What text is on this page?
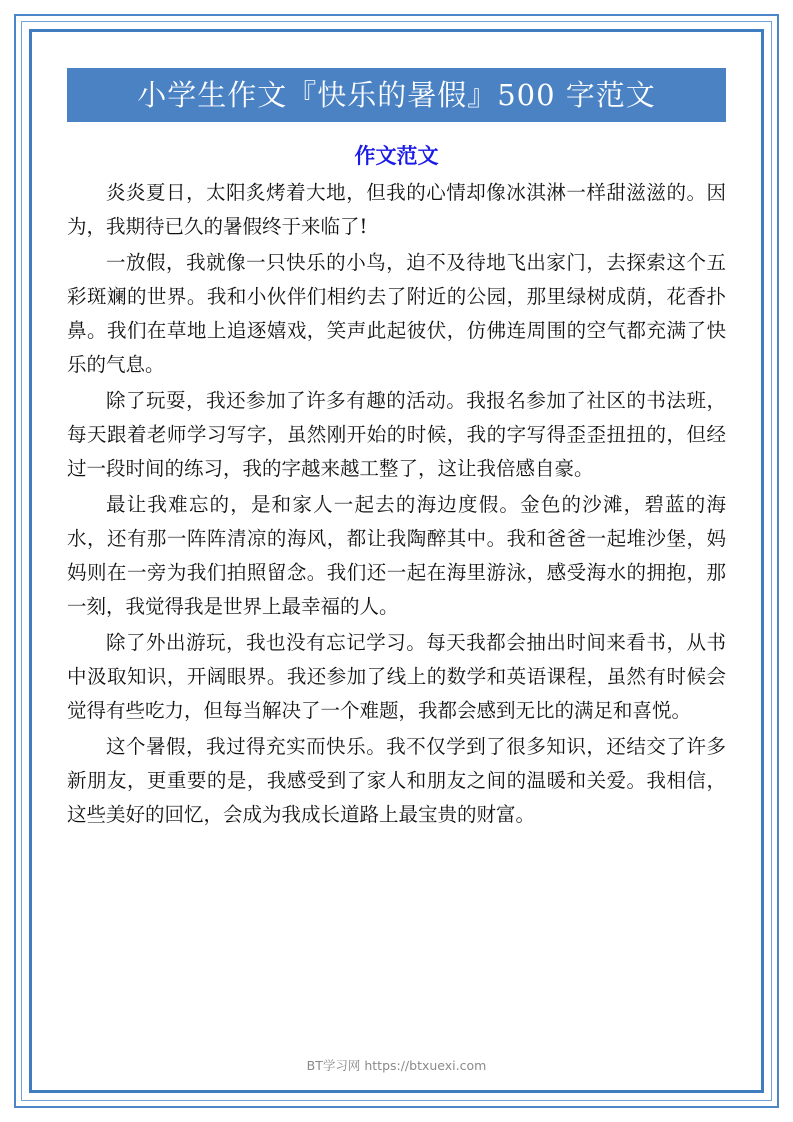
小学生作文『快乐的暑假』500 字范文
作文范文

炎炎夏日，太阳炙烤着大地，但我的心情却像冰淇淋一样甜滋滋的。因为，我期待已久的暑假终于来临了!

一放假，我就像一只快乐的小鸟，迫不及待地飞出家门，去探索这个五彩斑斓的世界。我和小伙伴们相约去了附近的公园，那里绿树成荫，花香扑鼻。我们在草地上追逐嬉戏，笑声此起彼伏，仿佛连周围的空气都充满了快乐的气息。

除了玩耍，我还参加了许多有趣的活动。我报名参加了社区的书法班，每天跟着老师学习写字，虽然刚开始的时候，我的字写得歪歪扭扭的，但经过一段时间的练习，我的字越来越工整了，这让我倍感自豪。

最让我难忘的，是和家人一起去的海边度假。金色的沙滩，碧蓝的海水，还有那一阵阵清凉的海风，都让我陶醉其中。我和爸爸一起堆沙堡，妈妈则在一旁为我们拍照留念。我们还一起在海里游泳，感受海水的拥抱，那一刻，我觉得我是世界上最幸福的人。

除了外出游玩，我也没有忘记学习。每天我都会抽出时间来看书，从书中汲取知识，开阔眼界。我还参加了线上的数学和英语课程，虽然有时候会觉得有些吃力，但每当解决了一个难题，我都会感到无比的满足和喜悦。

这个暑假，我过得充实而快乐。我不仅学到了很多知识，还结交了许多新朋友，更重要的是，我感受到了家人和朋友之间的温暖和关爱。我相信，这些美好的回忆，会成为我成长道路上最宝贵的财富。

BT学习网 https://btxuexi.com
